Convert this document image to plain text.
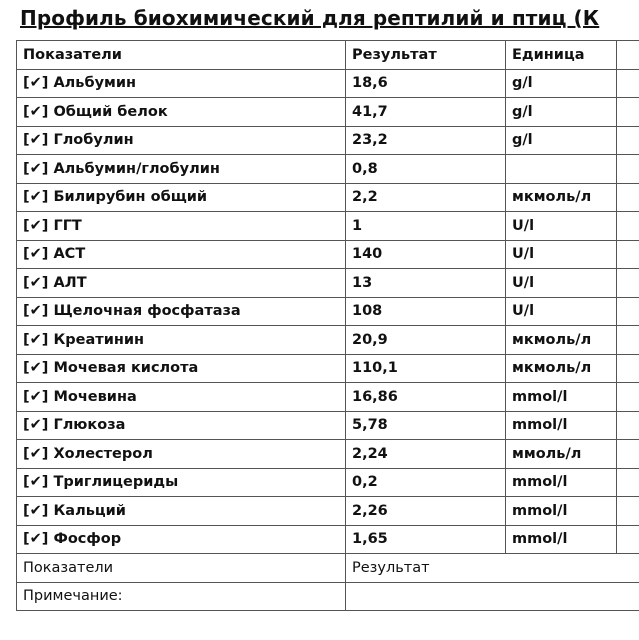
Профиль биохимический для рептилий и птиц (К
Показатели	Результат	Единица	
[✔] Альбумин	18,6	g/l	
[✔] Общий белок	41,7	g/l	
[✔] Глобулин	23,2	g/l	
[✔] Альбумин/глобулин	0,8		
[✔] Билирубин общий	2,2	мкмоль/л	
[✔] ГГТ	1	U/l	
[✔] АСТ	140	U/l	
[✔] АЛТ	13	U/l	
[✔] Щелочная фосфатаза	108	U/l	
[✔] Креатинин	20,9	мкмоль/л	
[✔] Мочевая кислота	110,1	мкмоль/л	
[✔] Мочевина	16,86	mmol/l	
[✔] Глюкоза	5,78	mmol/l	
[✔] Холестерол	2,24	ммоль/л	
[✔] Триглицериды	0,2	mmol/l	
[✔] Кальций	2,26	mmol/l	
[✔] Фосфор	1,65	mmol/l	
Показатели	Результат		
Примечание:			
